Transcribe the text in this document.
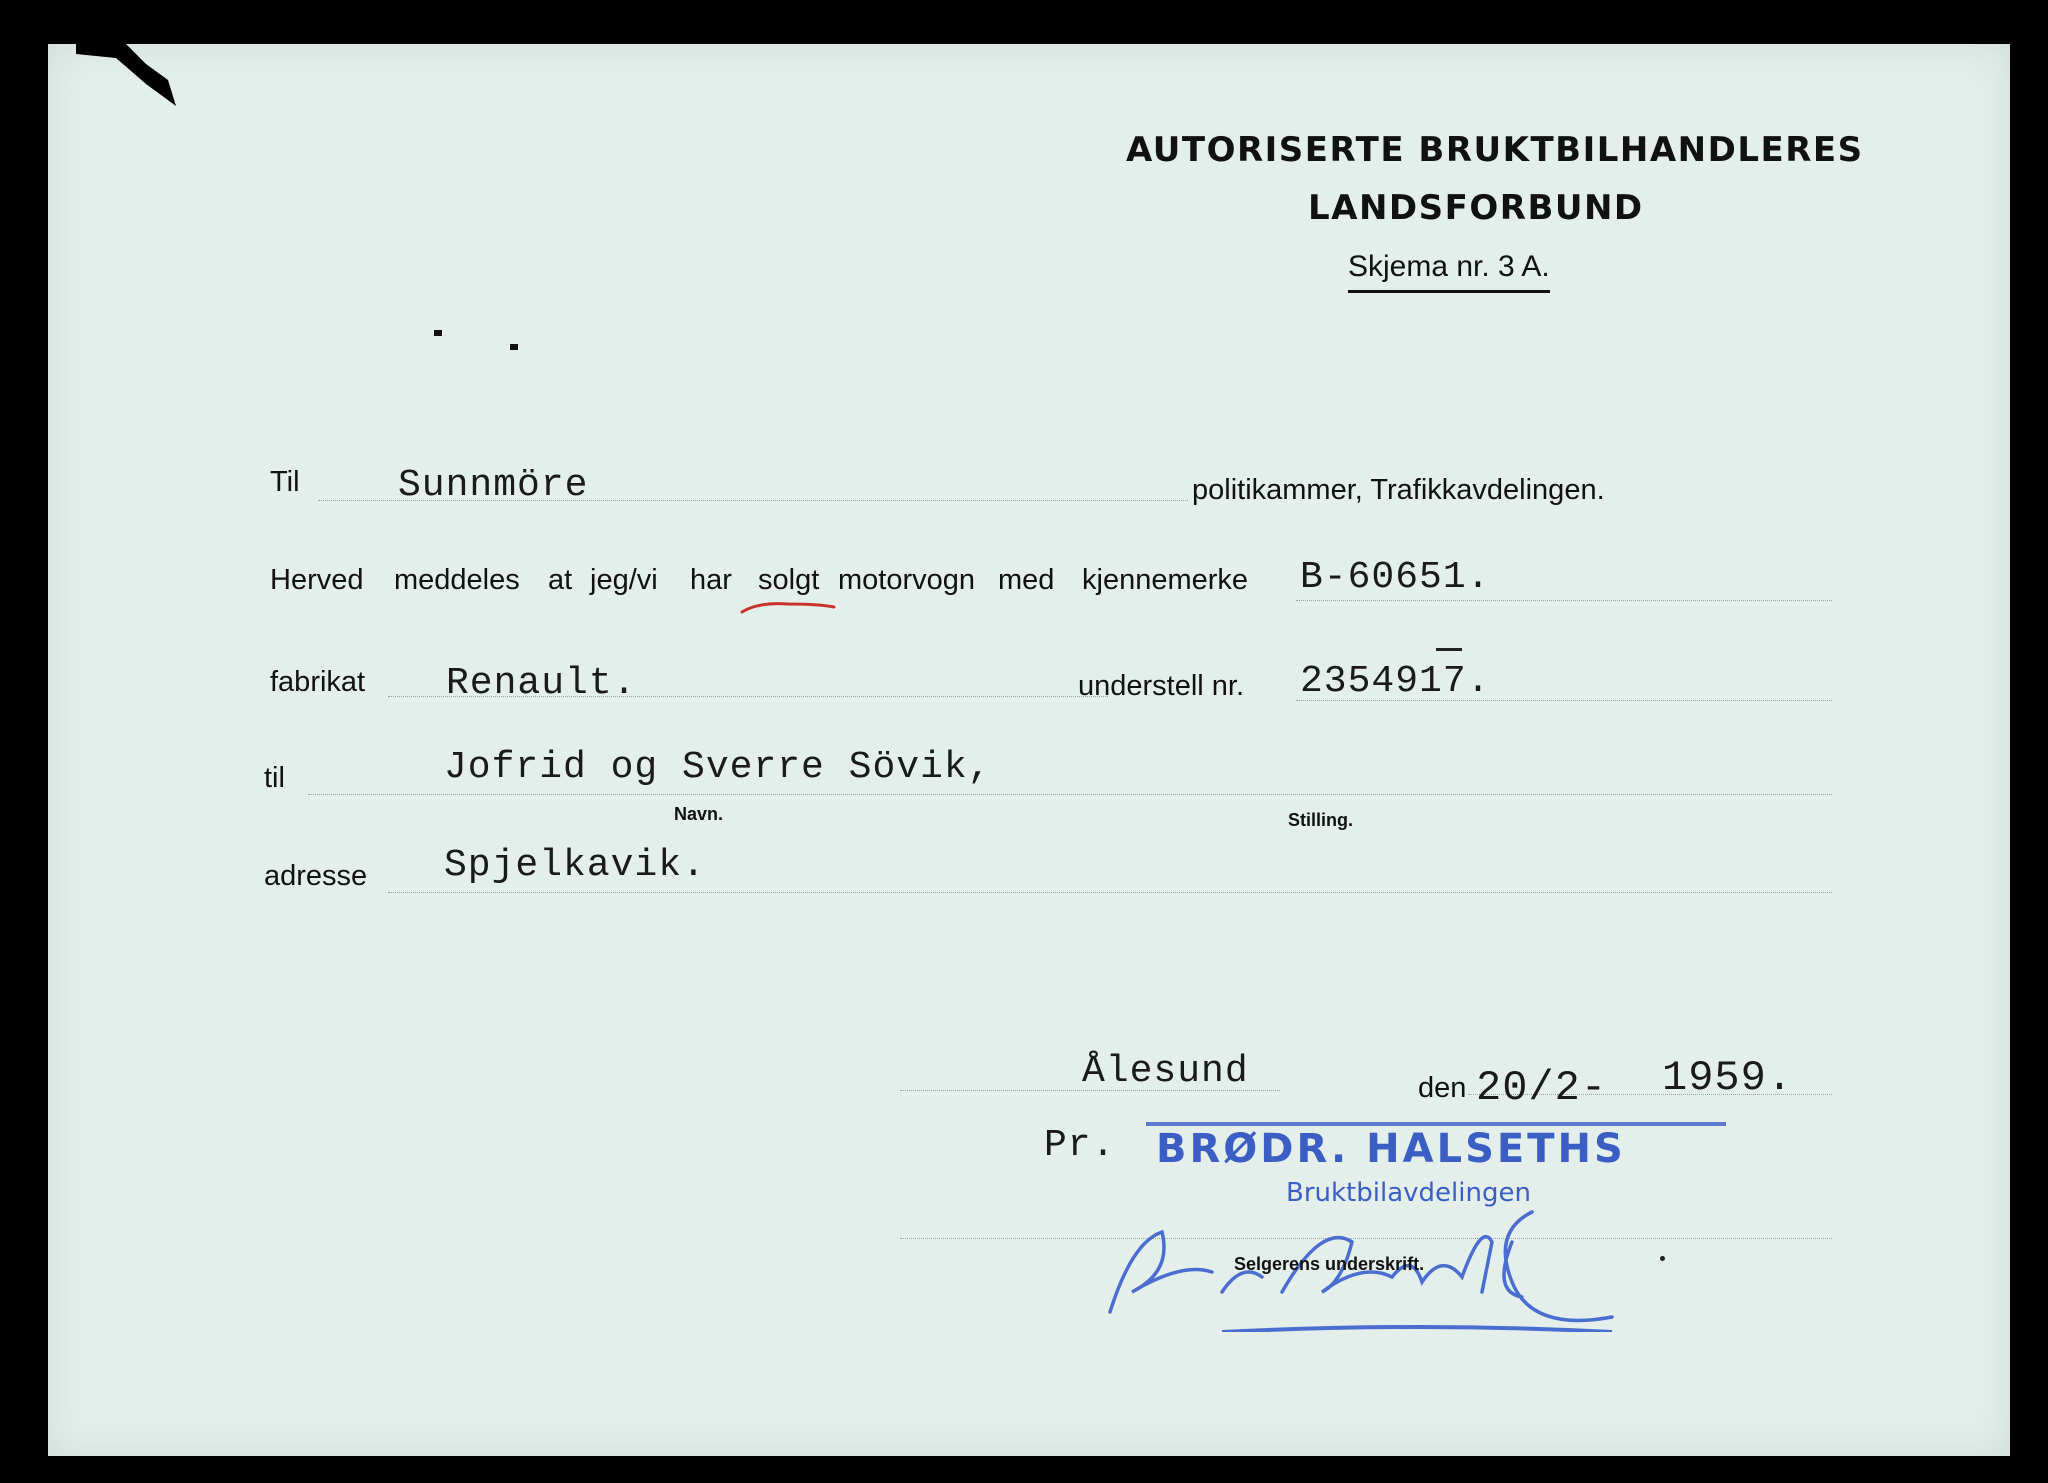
AUTORISERTE BRUKTBILHANDLERES
LANDSFORBUND
Skjema nr. 3 A.
Til	Sunnmöre	politikammer, Trafikkavdelingen.
Herved meddeles at jeg/vi har solgt motorvogn med kjennemerke B-60651.
fabrikat Renault.	understell nr. 2354917.
til	Jofrid og Sverre Sövik,
Navn.	Stilling.
adresse Spjelkavik.
Ålesund	den 20/2- 1959.
Pr. BRØDR. HALSETHS
Bruktbilavdelingen
Selgerens underskrift.
